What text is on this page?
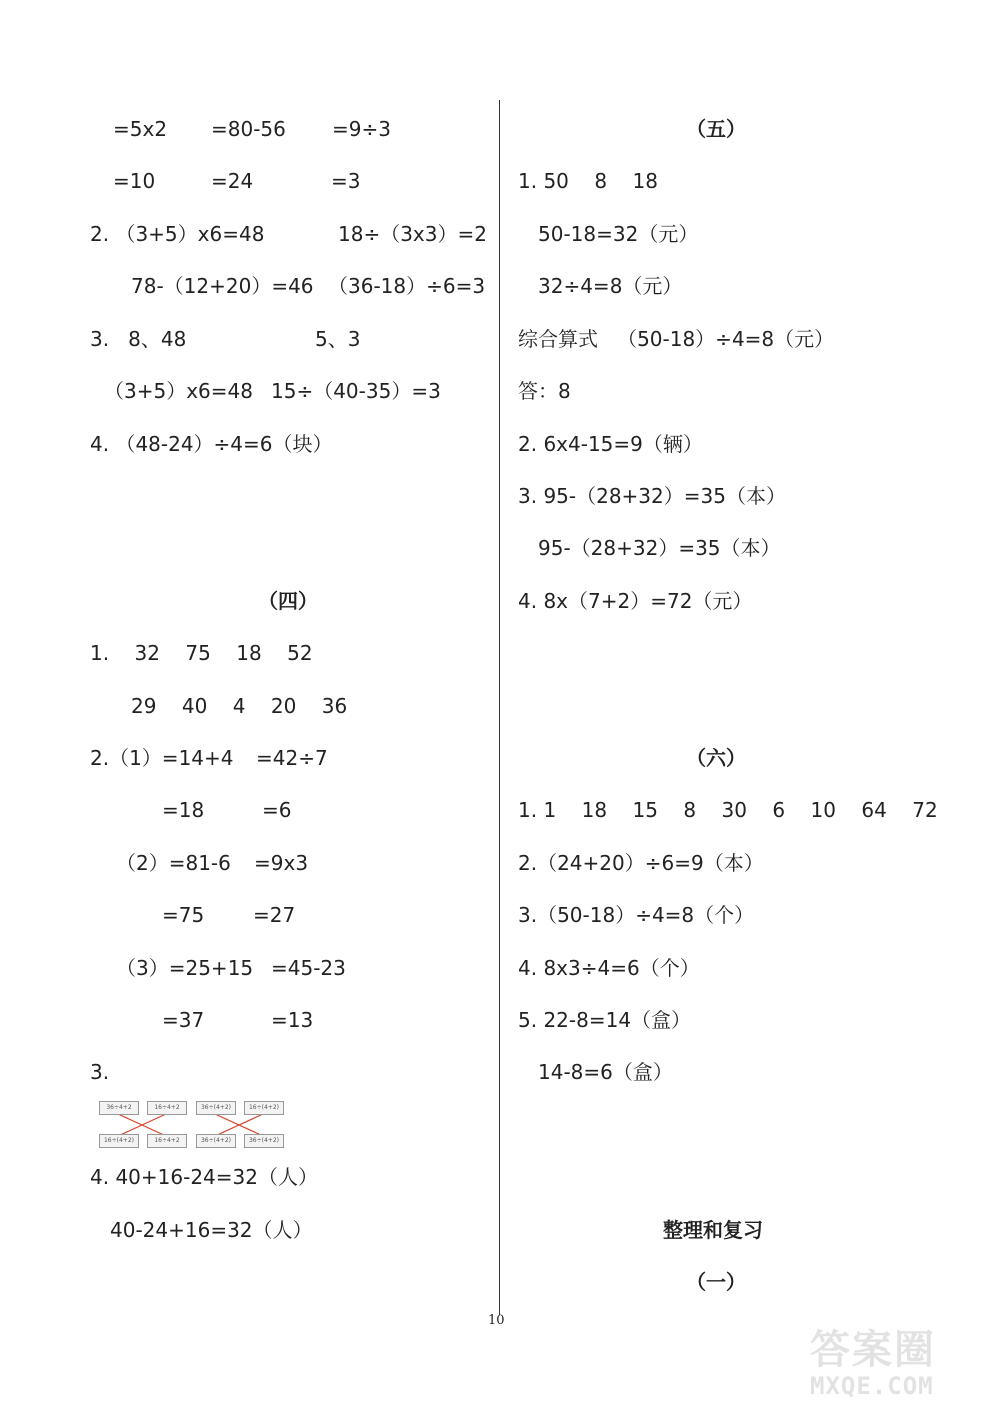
=5x2 =80-56 =9÷3
=10	=24	=3
2. （3+5）x6=48	18÷（3x3）=2
78-（12+20）=46 （36-18）÷6=3
3.   8、48	5、3
（3+5）x6=48 15÷（40-35）=3
4. （48-24）÷4=6（块）
（四）
1.    32    75    18    52
29    40    4    20    36
2.（1）=14+4 =42÷7
=18	=6
（2）=81-6 =9x3
=75 =27
（3）=25+15 =45-23
=37	=13
3.
36÷4+2	16÷4+2	36÷(4+2)	16÷(4+2)
16÷(4+2)	16÷4+2	36÷(4+2)	36÷(4+2)
4. 40+16-24=32（人）
40-24+16=32（人）
（五）
1. 50    8    18
50-18=32（元）
32÷4=8（元）
综合算式   （50-18）÷4=8（元）
答：8
2. 6x4-15=9（辆）
3. 95-（28+32）=35（本）
95-（28+32）=35（本）
4. 8x（7+2）=72（元）
（六）
1. 1    18    15    8    30    6    10    64    72
2.（24+20）÷6=9（本）
3.（50-18）÷4=8（个）
4. 8x3÷4=6（个）
5. 22-8=14（盒）
14-8=6（盒）
整理和复习
（一）
10
答案圈
MXQE.COM
